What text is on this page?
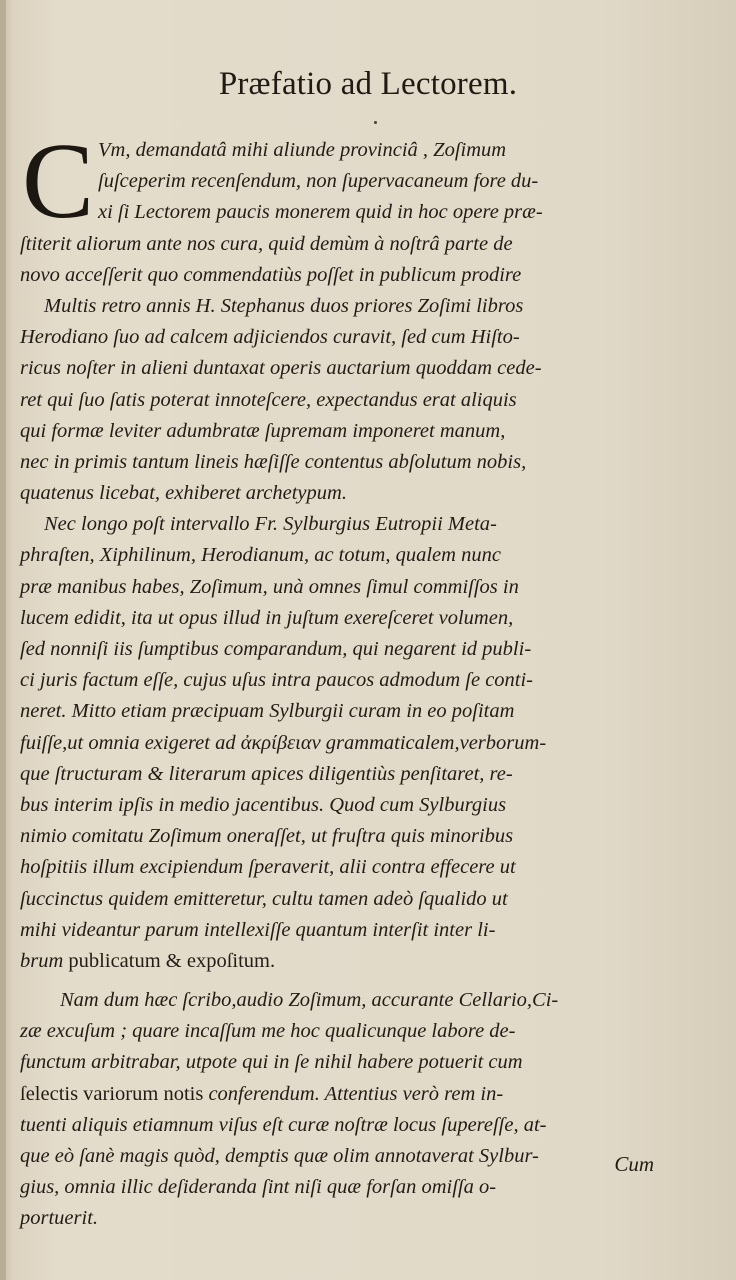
Præfatio ad Lectorem.
C Vm, demandatâ mihi aliunde provinciâ , Zoſimum
ſuſceperim recenſendum, non ſupervacaneum fore du-
xi ſi Lectorem paucis monerem quid in hoc opere præ-
ſtiterit aliorum ante nos cura, quid demùm à noſtrâ parte de
novo acceſſerit quo commendatiùs poſſet in publicum prodire
Multis retro annis H. Stephanus duos priores Zoſimi libros
Herodiano ſuo ad calcem adjiciendos curavit, ſed cum Hiſto-
ricus noſter in alieni duntaxat operis auctarium quoddam cede-
ret qui ſuo ſatis poterat innoteſcere, expectandus erat aliquis
qui formæ leviter adumbratæ ſupremam imponeret manum,
nec in primis tantum lineis hæſiſſe contentus abſolutum nobis,
quatenus licebat, exhiberet archetypum.
Nec longo poſt intervallo Fr. Sylburgius Eutropii Meta-
phraſten, Xiphilinum, Herodianum, ac totum, qualem nunc
præ manibus habes, Zoſimum, unà omnes ſimul commiſſos in
lucem edidit, ita ut opus illud in juſtum exereſceret volumen,
ſed nonniſi iis ſumptibus comparandum, qui negarent id publi-
ci juris factum eſſe, cujus uſus intra paucos admodum ſe conti-
neret. Mitto etiam præcipuam Sylburgii curam in eo poſitam
fuiſſe,ut omnia exigeret ad ἀκρίβειαν grammaticalem,verborum-
que ſtructuram & literarum apices diligentiùs penſitaret, re-
bus interim ipſis in medio jacentibus. Quod cum Sylburgius
nimio comitatu Zoſimum oneraſſet, ut fruſtra quis minoribus
hoſpitiis illum excipiendum ſperaverit, alii contra effecere ut
ſuccinctus quidem emitteretur, cultu tamen adeò ſqualido ut
mihi videantur parum intellexiſſe quantum interſit inter li-
brum publicatum & expoſitum.
Nam dum hæc ſcribo,audio Zoſimum, accurante Cellario,Ci-
zæ excuſum ; quare incaſſum me hoc qualicunque labore de-
functum arbitrabar, utpote qui in ſe nihil habere potuerit cum
ſelectis variorum notis conferendum. Attentius verò rem in-
tuenti aliquis etiamnum viſus eſt curæ noſtræ locus ſupereſſe, at-
que eò ſanè magis quòd, demptis quæ olim annotaverat Sylbur-
gius, omnia illic deſideranda ſint niſi quæ forſan omiſſa o-
portuerit.
Cum
